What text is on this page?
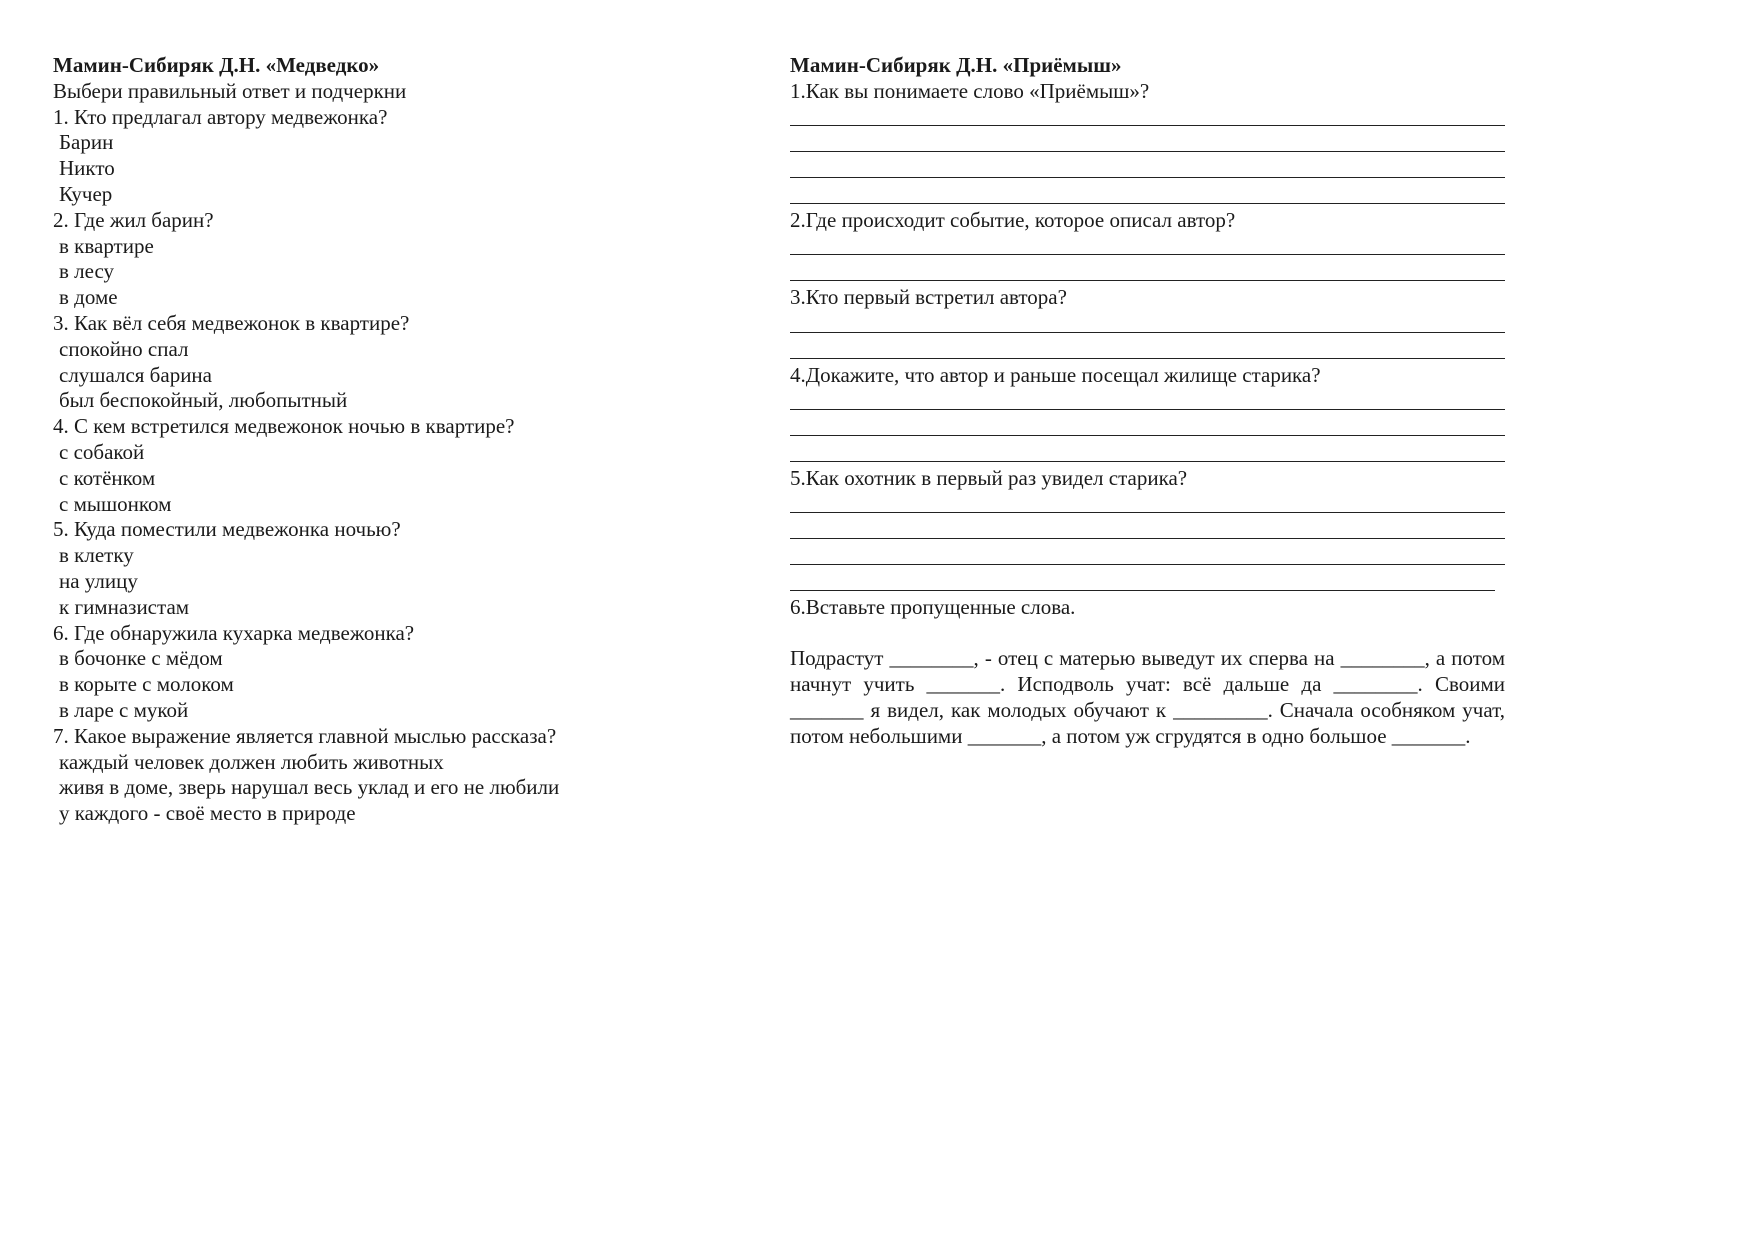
Мамин-Сибиряк Д.Н. «Медведко»
Выбери правильный ответ и подчеркни
1. Кто предлагал автору медвежонка?
Барин
Никто
Кучер
2. Где жил барин?
в квартире
в лесу
в доме
3. Как вёл себя медвежонок в квартире?
спокойно спал
слушался барина
был беспокойный, любопытный
4. С кем встретился медвежонок ночью в квартире?
с собакой
с котёнком
с мышонком
5. Куда поместили медвежонка ночью?
в клетку
на улицу
к гимназистам
6. Где обнаружила кухарка медвежонка?
в бочонке с мёдом
в корыте с молоком
в ларе с мукой
7. Какое выражение является главной мыслью рассказа?
каждый человек должен любить животных
живя в доме, зверь нарушал весь уклад и его не любили
у каждого - своё место в природе
Мамин-Сибиряк Д.Н. «Приёмыш»
1.Как вы понимаете слово «Приёмыш»?
2.Где происходит событие, которое описал автор?
3.Кто первый встретил автора?
4.Докажите, что автор и раньше посещал жилище старика?
5.Как охотник в первый раз увидел старика?
6.Вставьте пропущенные слова.
Подрастут ________, - отец с матерью выведут их сперва на ________, а потом начнут учить _______. Исподволь учат: всё дальше да ________. Своими _______ я видел, как молодых обучают к _________. Сначала особняком учат, потом небольшими _______, а потом уж сгрудятся в одно большое _______.
